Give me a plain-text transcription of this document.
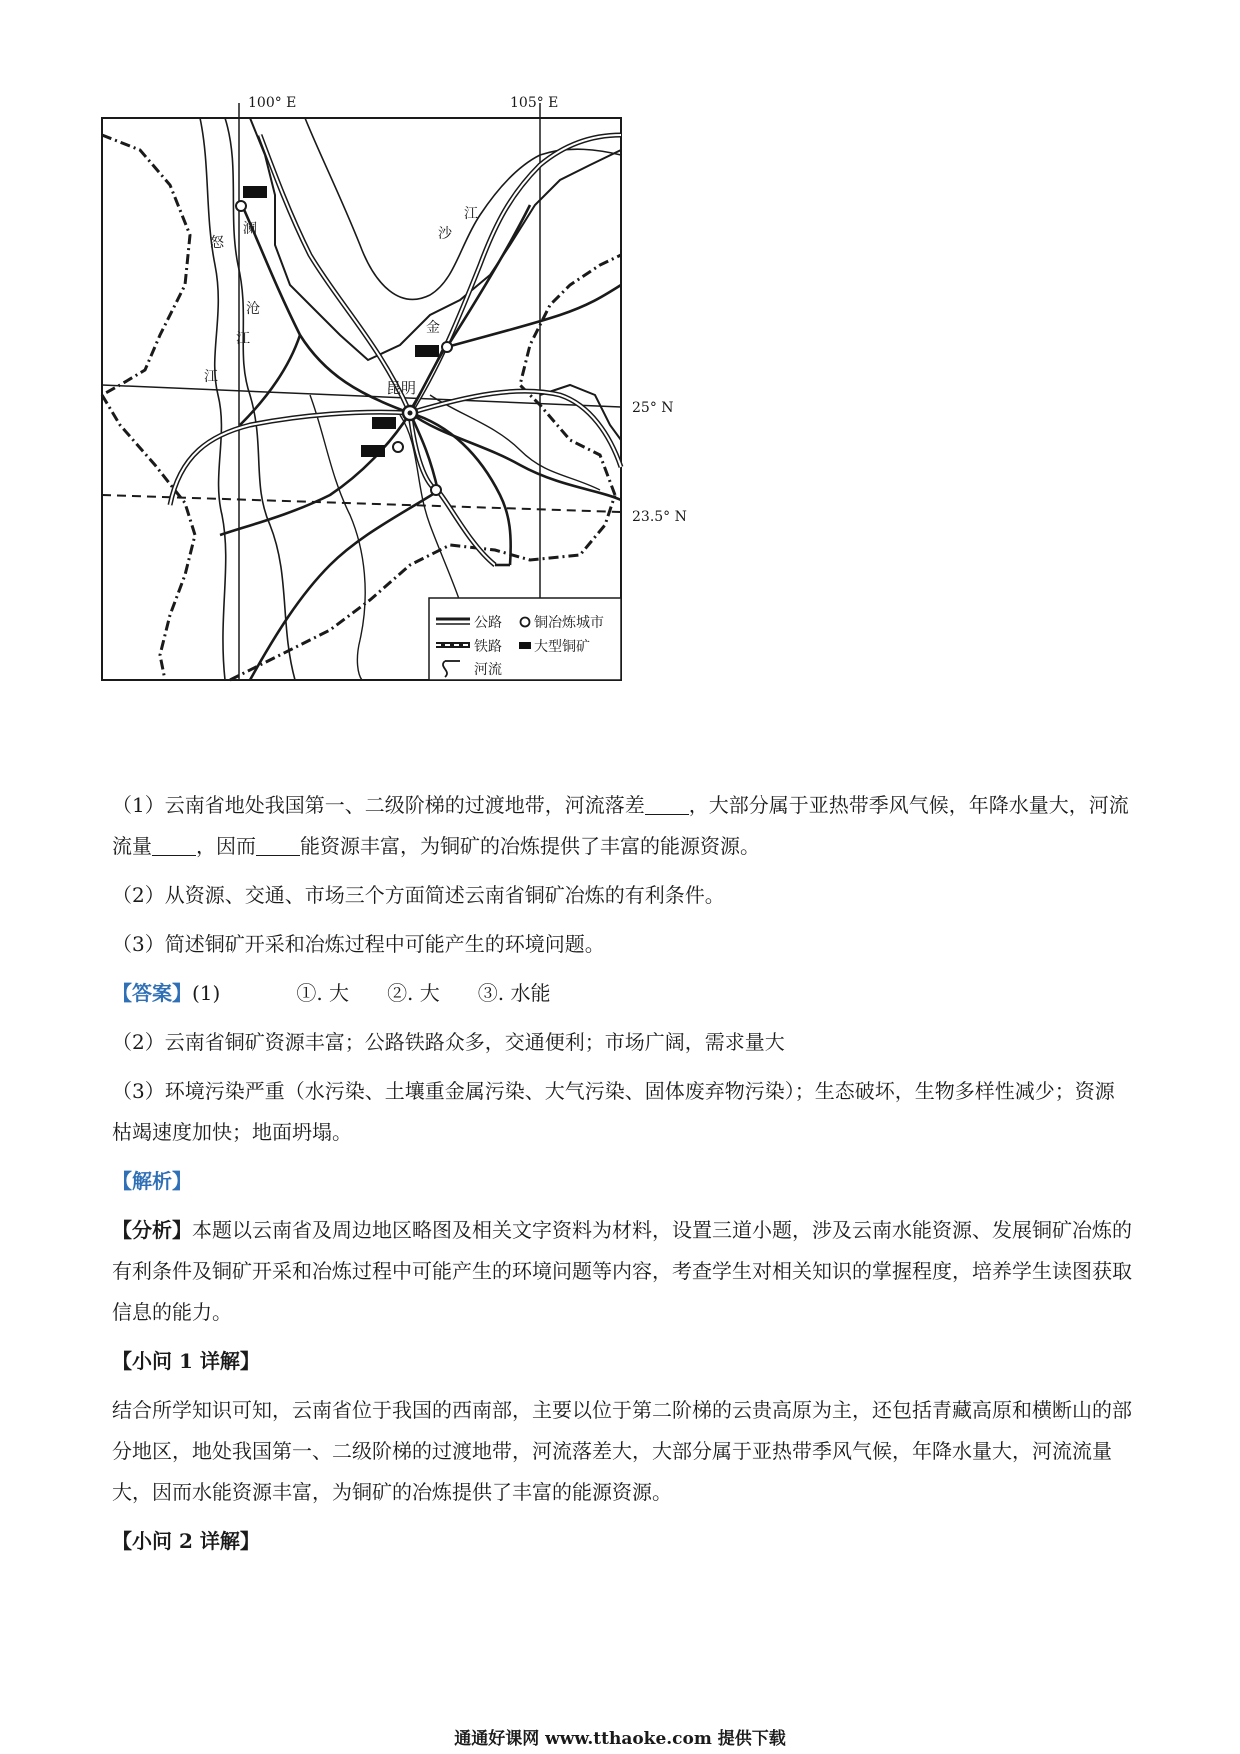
100° E	105° E
25° N
23.5° N
昆明
怒
江
澜
沧
江
江
沙
金
公路
铁路
河流
铜冶炼城市
大型铜矿

（1）云南省地处我国第一、二级阶梯的过渡地带，河流落差 ，大部分属于亚热带季风气候，年降水量大，河流流量 ，因而 能资源丰富，为铜矿的冶炼提供了丰富的能源资源。

（2）从资源、交通、市场三个方面简述云南省铜矿冶炼的有利条件。

（3）简述铜矿开采和冶炼过程中可能产生的环境问题。

【答案】(1)	①. 大 ②. 大 ③. 水能

（2）云南省铜矿资源丰富；公路铁路众多，交通便利；市场广阔，需求量大

（3）环境污染严重（水污染、土壤重金属污染、大气污染、固体废弃物污染）；生态破坏，生物多样性减少；资源枯竭速度加快；地面坍塌。

【解析】

【分析】本题以云南省及周边地区略图及相关文字资料为材料，设置三道小题，涉及云南水能资源、发展铜矿冶炼的有利条件及铜矿开采和冶炼过程中可能产生的环境问题等内容，考查学生对相关知识的掌握程度，培养学生读图获取信息的能力。

【小问 1 详解】

结合所学知识可知，云南省位于我国的西南部，主要以位于第二阶梯的云贵高原为主，还包括青藏高原和横断山的部分地区，地处我国第一、二级阶梯的过渡地带，河流落差大，大部分属于亚热带季风气候，年降水量大，河流流量大，因而水能资源丰富，为铜矿的冶炼提供了丰富的能源资源。

【小问 2 详解】

通通好课网 www.tthaoke.com 提供下载
